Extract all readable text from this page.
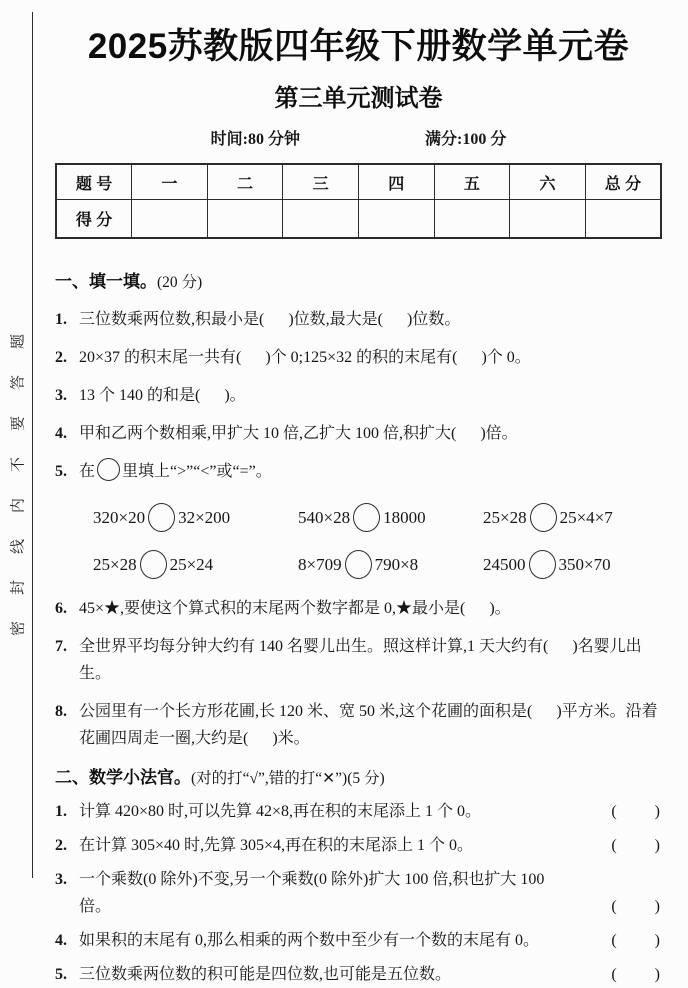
密封线内不要答题
2025苏教版四年级下册数学单元卷
第三单元测试卷
时间:80 分钟	满分:100 分
题 号	一	二	三	四	五	六	总 分
得 分							
一、填一填。(20 分)
1. 三位数乘两位数,积最小是(      )位数,最大是(      )位数。
2. 20×37 的积末尾一共有(      )个 0;125×32 的积的末尾有(      )个 0。
3. 13 个 140 的和是(      )。
4. 甲和乙两个数相乘,甲扩大 10 倍,乙扩大 100 倍,积扩大(      )倍。
5. 在 里填上“>”“<”或“=”。
320×20 32×200	540×28 18000	25×28 25×4×7
25×28 25×24	8×709 790×8	24500 350×70
6. 45×★,要使这个算式积的末尾两个数字都是 0,★最小是(      )。
7. 全世界平均每分钟大约有 140 名婴儿出生。照这样计算,1 天大约有(      )名婴儿出生。
8. 公园里有一个长方形花圃,长 120 米、宽 50 米,这个花圃的面积是(      )平方米。沿着花圃四周走一圈,大约是(      )米。
二、数学小法官。(对的打“√”,错的打“✕”)(5 分)
1. 计算 420×80 时,可以先算 42×8,再在积的末尾添上 1 个 0。	(      )
2. 在计算 305×40 时,先算 305×4,再在积的末尾添上 1 个 0。	(      )
3. 一个乘数(0 除外)不变,另一个乘数(0 除外)扩大 100 倍,积也扩大 100 倍。	(      )
4. 如果积的末尾有 0,那么相乘的两个数中至少有一个数的末尾有 0。	(      )
5. 三位数乘两位数的积可能是四位数,也可能是五位数。	(      )
